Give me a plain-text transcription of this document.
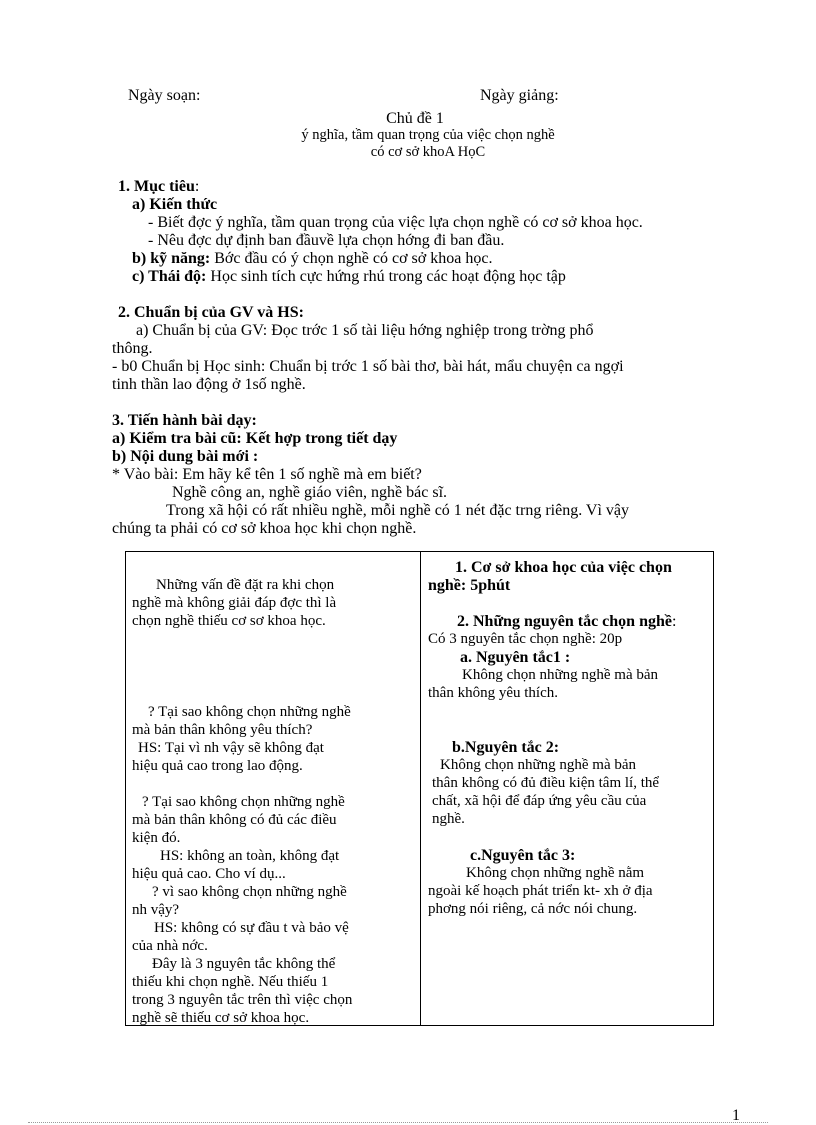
Ngày soạn:	Ngày giảng:
Chủ đề 1
ý nghĩa, tầm quan trọng của việc chọn nghề
có cơ sở khoA HọC
1. Mục tiêu:
a) Kiến thức
- Biết đợc ý nghĩa, tầm quan trọng của việc lựa chọn nghề có cơ sở khoa học.
- Nêu đợc dự định ban đầuvề lựa chọn hớng đi ban đầu.
b) kỹ năng: Bớc đầu có ý chọn nghề có cơ sở khoa học.
c) Thái độ: Học sinh tích cực hứng rhú trong các hoạt động học tập
2. Chuẩn bị của GV và HS:
a) Chuẩn bị của GV: Đọc trớc 1 số tài liệu hớng nghiệp trong trờng phổ
thông.
- b0 Chuẩn bị Học sinh: Chuẩn bị trớc 1 số bài thơ, bài hát, mẩu chuyện ca ngợi
tinh thần lao động ở 1số nghề.
3. Tiến hành bài dạy:
a) Kiểm tra bài cũ: Kết hợp trong tiết dạy
b) Nội dung bài mới :
* Vào bài: Em hãy kể tên 1 số nghề mà em biết?
Nghề công an, nghề giáo viên, nghề bác sĩ.
Trong xã hội có rất nhiều nghề, mỗi nghề có 1 nét đặc trng riêng. Vì vậy
chúng ta phải có cơ sở khoa học khi chọn nghề.
Những vấn đề đặt ra khi chọn
nghề mà không giải đáp đợc thì là
chọn nghề thiếu cơ sơ khoa học.
? Tại sao không chọn những nghề
mà bản thân không yêu thích?
HS: Tại vì nh vậy sẽ không đạt
hiệu quả cao trong lao động.
? Tại sao không chọn những nghề
mà bản thân không có đủ các điều
kiện đó.
HS: không an toàn, không đạt
hiệu quả cao. Cho ví dụ...
? vì sao không chọn những nghề
nh vậy?
HS: không có sự đầu t và bảo vệ
của nhà nớc.
Đây là 3 nguyên tắc không thể
thiếu khi chọn nghề. Nếu thiếu 1
trong 3 nguyên tắc trên thì việc chọn
nghề sẽ thiếu cơ sở khoa học.
1. Cơ sở khoa học của việc chọn
nghề: 5phút
2. Những nguyên tắc chọn nghề:
Có 3 nguyên tắc chọn nghề: 20p
a. Nguyên tắc1 :
Không chọn những nghề mà bản
thân không yêu thích.
b.Nguyên tắc 2:
Không chọn những nghề mà bản
thân không có đủ điều kiện tâm lí, thể
chất, xã hội để đáp ứng yêu cầu của
nghề.
c.Nguyên tắc 3:
Không chọn những nghề nằm
ngoài kế hoạch phát triển kt- xh ở địa
phơng nói riêng, cả nớc nói chung.
1
